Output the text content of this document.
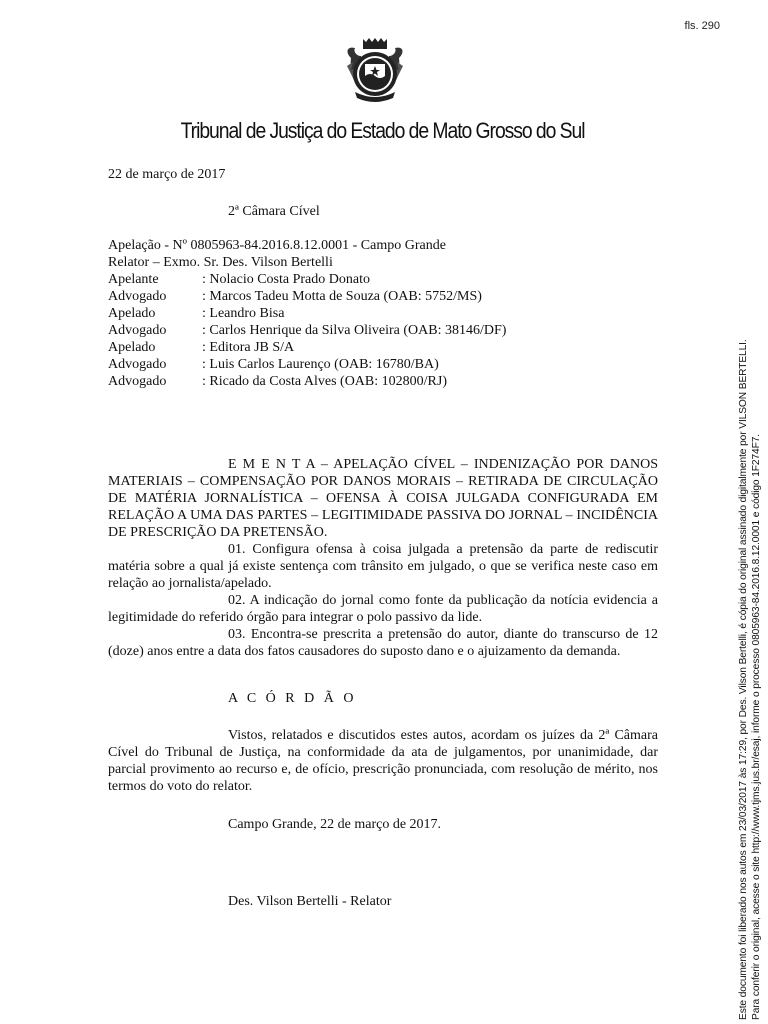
fls. 290
Tribunal de Justiça do Estado de Mato Grosso do Sul
22 de março de 2017
2ª Câmara Cível
Apelação - Nº 0805963-84.2016.8.12.0001 - Campo Grande
Relator – Exmo. Sr. Des. Vilson Bertelli
Apelante	: Nolacio Costa Prado Donato
Advogado	: Marcos Tadeu Motta de Souza (OAB: 5752/MS)
Apelado	: Leandro Bisa
Advogado	: Carlos Henrique da Silva Oliveira (OAB: 38146/DF)
Apelado	: Editora JB S/A
Advogado	: Luis Carlos Laurenço (OAB: 16780/BA)
Advogado	: Ricado da Costa Alves (OAB: 102800/RJ)

E M E N T A – APELAÇÃO CÍVEL – INDENIZAÇÃO POR DANOS MATERIAIS – COMPENSAÇÃO POR DANOS MORAIS – RETIRADA DE CIRCULAÇÃO DE MATÉRIA JORNALÍSTICA – OFENSA À COISA JULGADA CONFIGURADA EM RELAÇÃO A UMA DAS PARTES – LEGITIMIDADE PASSIVA DO JORNAL – INCIDÊNCIA DE PRESCRIÇÃO DA PRETENSÃO.

01. Configura ofensa à coisa julgada a pretensão da parte de rediscutir matéria sobre a qual já existe sentença com trânsito em julgado, o que se verifica neste caso em relação ao jornalista/apelado.

02. A indicação do jornal como fonte da publicação da notícia evidencia a legitimidade do referido órgão para integrar o polo passivo da lide.

03. Encontra-se prescrita a pretensão do autor, diante do transcurso de 12 (doze) anos entre a data dos fatos causadores do suposto dano e o ajuizamento da demanda.

A C Ó R D Ã O

Vistos, relatados e discutidos estes autos, acordam os juízes da 2ª Câmara Cível do Tribunal de Justiça, na conformidade da ata de julgamentos, por unanimidade, dar parcial provimento ao recurso e, de ofício, prescrição pronunciada, com resolução de mérito, nos termos do voto do relator.

Campo Grande, 22 de março de 2017.
Des. Vilson Bertelli - Relator	Este documento foi liberado nos autos em 23/03/2017 às 17:29, por Des. Vilson Bertelli, é cópia do original assinado digitalmente por VILSON BERTELLI. Para conferir o original, acesse o site http://www.tjms.jus.br/esaj, informe o processo 0805963-84.2016.8.12.0001 e código 1F274F7.
